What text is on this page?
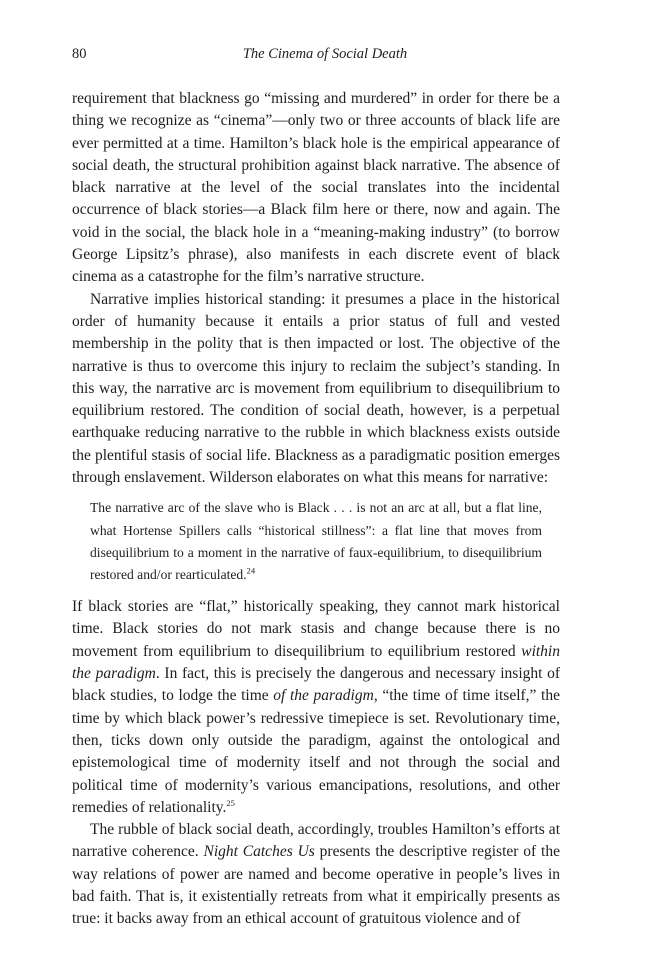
80	The Cinema of Social Death

requirement that blackness go “missing and murdered” in order for there be a thing we recognize as “cinema”—only two or three accounts of black life are ever permitted at a time. Hamilton’s black hole is the empirical appearance of social death, the structural prohibition against black narrative. The absence of black narrative at the level of the social translates into the incidental occurrence of black stories—a Black film here or there, now and again. The void in the social, the black hole in a “meaning-making industry” (to borrow George Lipsitz’s phrase), also manifests in each discrete event of black cinema as a catastrophe for the film’s narrative structure.

Narrative implies historical standing: it presumes a place in the historical order of humanity because it entails a prior status of full and vested membership in the polity that is then impacted or lost. The objective of the narrative is thus to overcome this injury to reclaim the subject’s standing. In this way, the narrative arc is movement from equilibrium to disequilibrium to equilibrium restored. The condition of social death, however, is a perpetual earthquake reducing narrative to the rubble in which blackness exists outside the plentiful stasis of social life. Blackness as a paradigmatic position emerges through enslavement. Wilderson elaborates on what this means for narrative:

The narrative arc of the slave who is Black . . . is not an arc at all, but a flat line, what Hortense Spillers calls “historical stillness”: a flat line that moves from disequilibrium to a moment in the narrative of faux-equilibrium, to disequilibrium restored and/or rearticulated.$^{24}$

If black stories are “flat,” historically speaking, they cannot mark historical time. Black stories do not mark stasis and change because there is no movement from equilibrium to disequilibrium to equilibrium restored within the paradigm. In fact, this is precisely the dangerous and necessary insight of black studies, to lodge the time of the paradigm, “the time of time itself,” the time by which black power’s redressive timepiece is set. Revolutionary time, then, ticks down only outside the paradigm, against the ontological and epistemological time of modernity itself and not through the social and political time of modernity’s various emancipations, resolutions, and other remedies of relationality.$^{25}$

The rubble of black social death, accordingly, troubles Hamilton’s efforts at narrative coherence. Night Catches Us presents the descriptive register of the way relations of power are named and become operative in people’s lives in bad faith. That is, it existentially retreats from what it empirically presents as true: it backs away from an ethical account of gratuitous violence and of
